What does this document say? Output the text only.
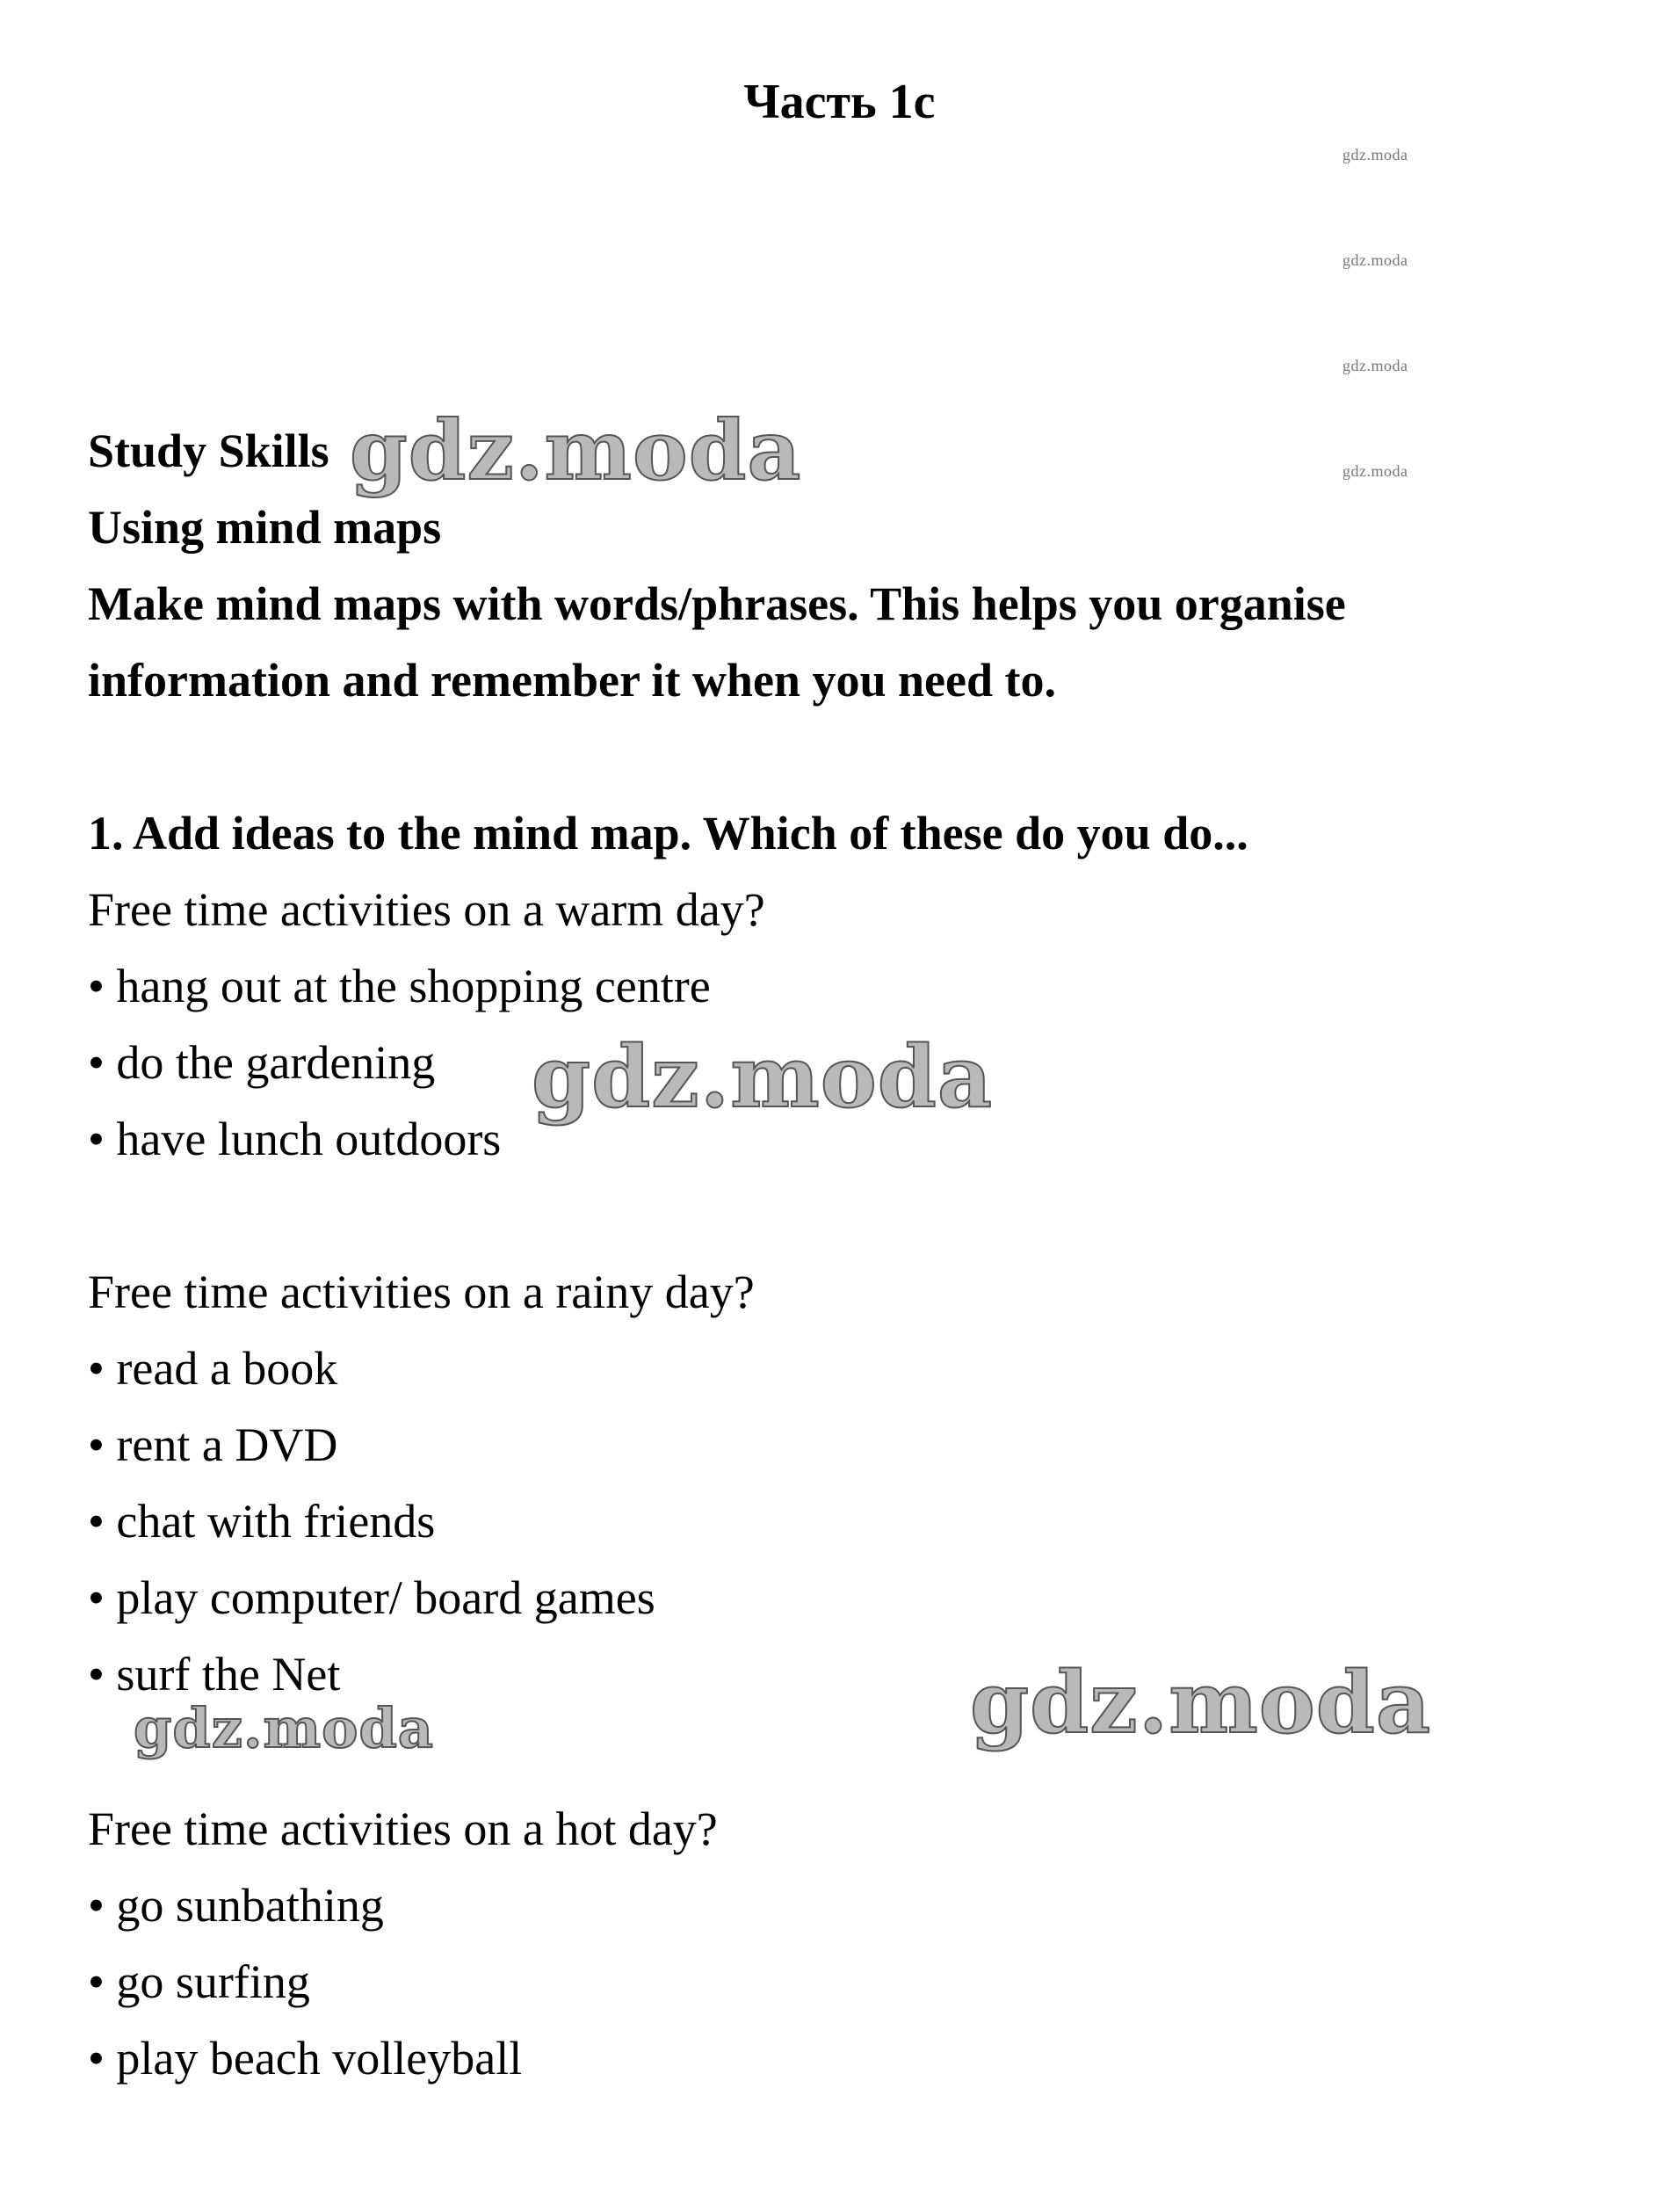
Часть 1c
gdz.moda
gdz.moda
gdz.moda
gdz.moda
Study Skills gdz.moda
Using mind maps
Make mind maps with words/phrases. This helps you organise
information and remember it when you need to.
1. Add ideas to the mind map. Which of these do you do...
Free time activities on a warm day?
• hang out at the shopping centre
• do the gardening
• have lunch outdoors
gdz.moda
Free time activities on a rainy day?
• read a book
• rent a DVD
• chat with friends
• play computer/ board games
• surf the Net
gdz.moda	gdz.moda
Free time activities on a hot day?
• go sunbathing
• go surfing
• play beach volleyball
